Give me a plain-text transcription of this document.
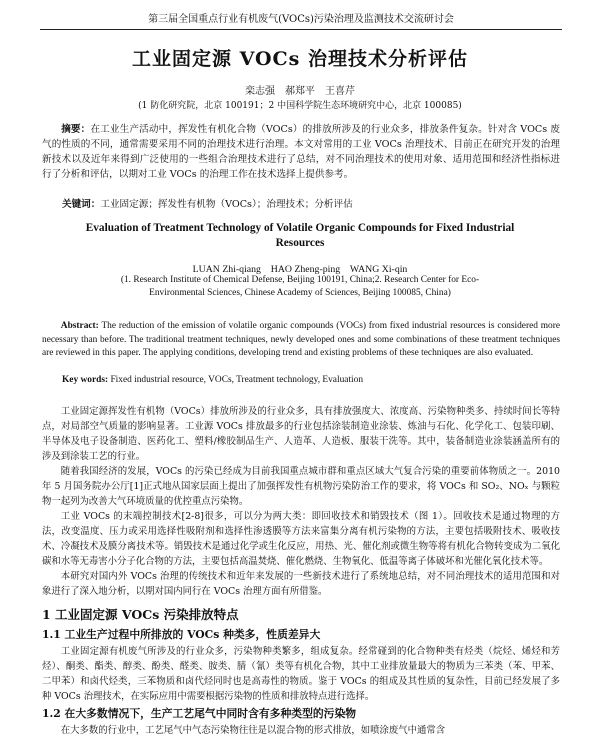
第三届全国重点行业有机废气(VOCs)污染治理及监测技术交流研讨会
工业固定源 VOCs 治理技术分析评估
栾志强　郝郑平　王喜芹
(1 防化研究院，北京 100191；2 中国科学院生态环境研究中心，北京 100085)
摘要：在工业生产活动中，挥发性有机化合物（VOCs）的排放所涉及的行业众多，排放条件复杂。针对含 VOCs 废气的性质的不同，通常需要采用不同的治理技术进行治理。本文对常用的工业 VOCs 治理技术、目前正在研究开发的治理新技术以及近年来得到广泛使用的一些组合治理技术进行了总结，对不同治理技术的使用对象、适用范围和经济性指标进行了分析和评估，以期对工业 VOCs 的治理工作在技术选择上提供参考。
关键词：工业固定源；挥发性有机物（VOCs）；治理技术；分析评估
Evaluation of Treatment Technology of Volatile Organic Compounds for Fixed Industrial Resources
LUAN Zhi-qiang　HAO Zheng-ping　WANG Xi-qin
(1. Research Institute of Chemical Defense, Beijing 100191, China;2. Research Center for Eco-Environmental Sciences, Chinese Academy of Sciences, Beijing 100085, China)
Abstract: The reduction of the emission of volatile organic compounds (VOCs) from fixed industrial resources is considered more necessary than before. The traditional treatment techniques, newly developed ones and some combinations of these treatment techniques are reviewed in this paper. The applying conditions, developing trend and existing problems of these techniques are also evaluated.
Key words: Fixed industrial resource, VOCs, Treatment technology, Evaluation

工业固定源挥发性有机物（VOCs）排放所涉及的行业众多，具有排放强度大、浓度高、污染物种类多、持续时间长等特点，对局部空气质量的影响显著。工业源 VOCs 排放最多的行业包括涂装制造业涂装、炼油与石化、化学化工、包装印刷、半导体及电子设备制造、医药化工、塑料/橡胶制品生产、人造革、人造板、服装干洗等。其中，装备制造业涂装涵盖所有的涉及到涂装工艺的行业。

随着我国经济的发展，VOCs 的污染已经成为目前我国重点城市群和重点区域大气复合污染的重要前体物质之一。2010 年 5 月国务院办公厅[1]正式地从国家层面上提出了加强挥发性有机物污染防治工作的要求，将 VOCs 和 SO₂、NOₓ 与颗粒物一起列为改善大气环境质量的优控重点污染物。

工业 VOCs 的末端控制技术[2-8]很多，可以分为两大类：即回收技术和销毁技术（图 1）。回收技术是通过物理的方法，改变温度、压力或采用选择性吸附剂和选择性渗透膜等方法来富集分离有机污染物的方法，主要包括吸附技术、吸收技术、冷凝技术及膜分离技术等。销毁技术是通过化学或生化反应，用热、光、催化剂或微生物等将有机化合物转变成为二氧化碳和水等无毒害小分子化合物的方法，主要包括高温焚烧、催化燃烧、生物氧化、低温等离子体破坏和光催化氧化技术等。

本研究对国内外 VOCs 治理的传统技术和近年来发展的一些新技术进行了系统地总结，对不同治理技术的适用范围和对象进行了深入地分析，以期对国内同行在 VOCs 治理方面有所借鉴。

1 工业固定源 VOCs 污染排放特点
1.1 工业生产过程中所排放的 VOCs 种类多，性质差异大

工业固定源有机废气所涉及的行业众多，污染物种类繁多，组成复杂。经常碰到的化合物种类有烃类（烷烃、烯烃和芳烃）、酮类、酯类、醇类、酚类、醛类、胺类、腈（氰）类等有机化合物，其中工业排放量最大的物质为三苯类（苯、甲苯、二甲苯）和卤代烃类，三苯物质和卤代烃同时也是高毒性的物质。鉴于 VOCs 的组成及其性质的复杂性，目前已经发展了多种 VOCs 治理技术，在实际应用中需要根据污染物的性质和排放特点进行选择。

1.2 在大多数情况下，生产工艺尾气中同时含有多种类型的污染物

在大多数的行业中，工艺尾气中气态污染物往往是以混合物的形式排放，如喷涂废气中通常含
